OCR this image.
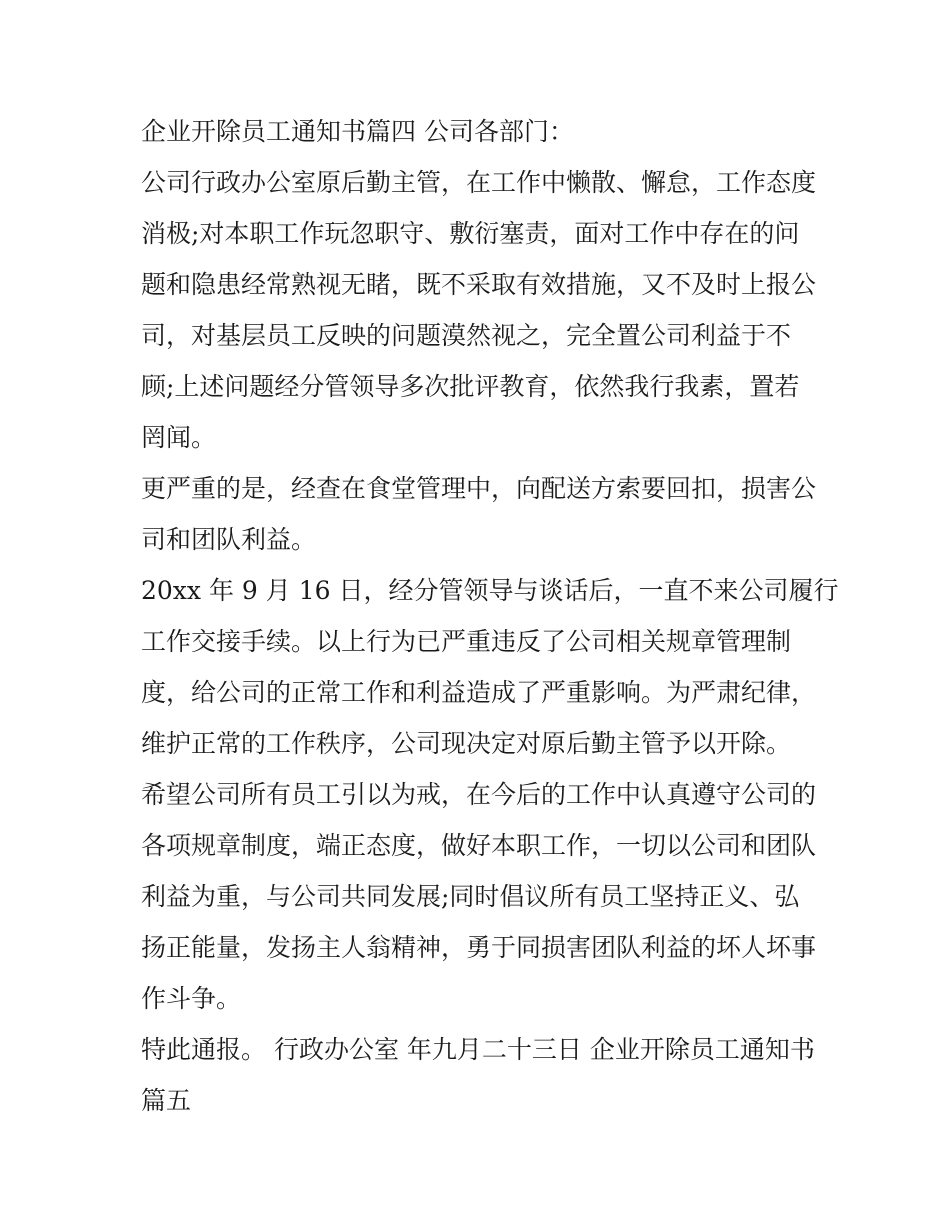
企业开除员工通知书篇四 公司各部门：
公司行政办公室原后勤主管，在工作中懒散、懈怠，工作态度
消极;对本职工作玩忽职守、敷衍塞责，面对工作中存在的问
题和隐患经常熟视无睹，既不采取有效措施，又不及时上报公
司，对基层员工反映的问题漠然视之，完全置公司利益于不
顾;上述问题经分管领导多次批评教育，依然我行我素，置若
罔闻。
更严重的是，经查在食堂管理中，向配送方索要回扣，损害公
司和团队利益。
20xx 年 9 月 16 日，经分管领导与谈话后，一直不来公司履行
工作交接手续。以上行为已严重违反了公司相关规章管理制
度，给公司的正常工作和利益造成了严重影响。为严肃纪律，
维护正常的工作秩序，公司现决定对原后勤主管予以开除。
希望公司所有员工引以为戒，在今后的工作中认真遵守公司的
各项规章制度，端正态度，做好本职工作，一切以公司和团队
利益为重，与公司共同发展;同时倡议所有员工坚持正义、弘
扬正能量，发扬主人翁精神，勇于同损害团队利益的坏人坏事
作斗争。
特此通报。 行政办公室 年九月二十三日 企业开除员工通知书
篇五
